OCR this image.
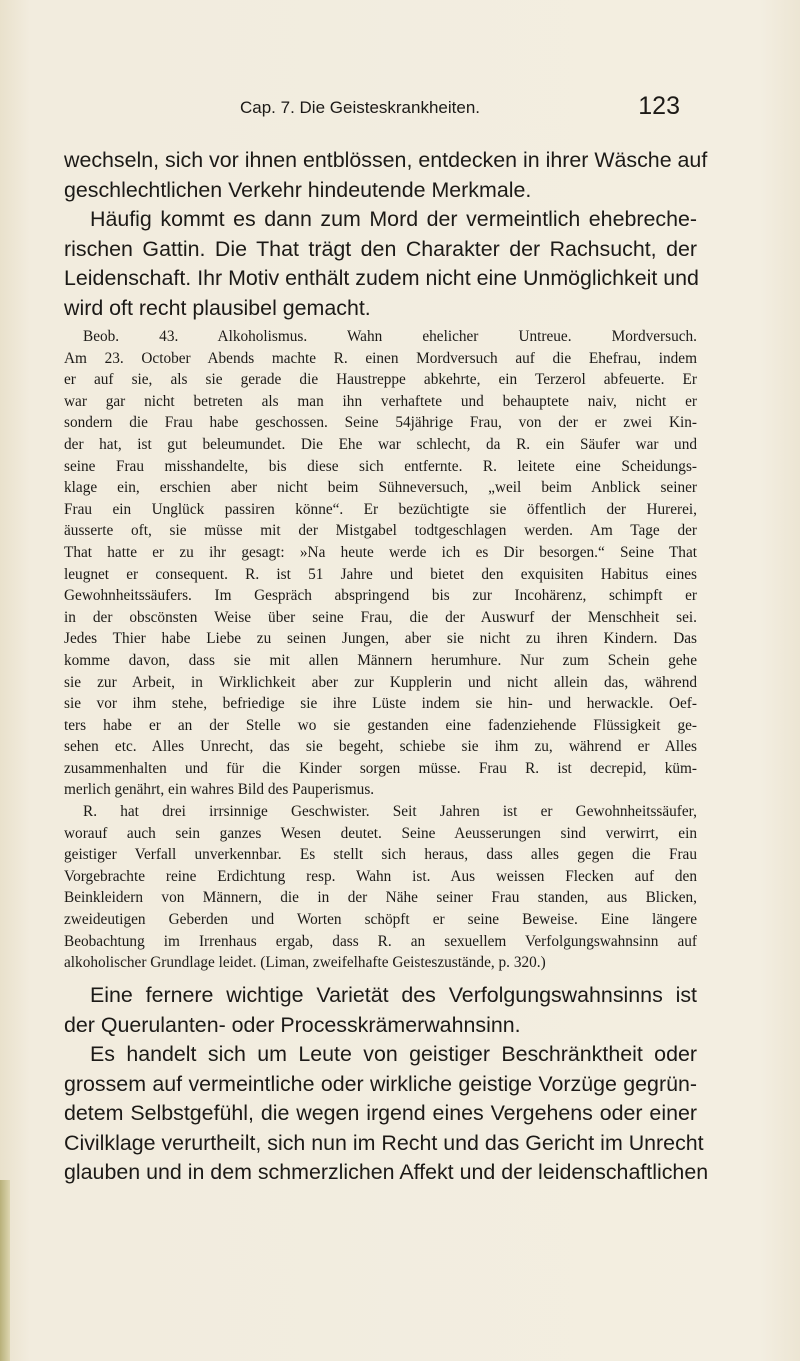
Cap. 7. Die Geisteskrankheiten.	123
wechseln, sich vor ihnen entblössen, entdecken in ihrer Wäsche auf
geschlechtlichen Verkehr hindeutende Merkmale.
Häufig kommt es dann zum Mord der vermeintlich ehebreche-
rischen Gattin. Die That trägt den Charakter der Rachsucht, der
Leidenschaft. Ihr Motiv enthält zudem nicht eine Unmöglichkeit und
wird oft recht plausibel gemacht.
Beob. 43. Alkoholismus. Wahn ehelicher Untreue. Mordversuch.
Am 23. October Abends machte R. einen Mordversuch auf die Ehefrau, indem
er auf sie, als sie gerade die Haustreppe abkehrte, ein Terzerol abfeuerte. Er
war gar nicht betreten als man ihn verhaftete und behauptete naiv, nicht er
sondern die Frau habe geschossen. Seine 54jährige Frau, von der er zwei Kin-
der hat, ist gut beleumundet. Die Ehe war schlecht, da R. ein Säufer war und
seine Frau misshandelte, bis diese sich entfernte. R. leitete eine Scheidungs-
klage ein, erschien aber nicht beim Sühneversuch, „weil beim Anblick seiner
Frau ein Unglück passiren könne“. Er bezüchtigte sie öffentlich der Hurerei,
äusserte oft, sie müsse mit der Mistgabel todtgeschlagen werden. Am Tage der
That hatte er zu ihr gesagt: »Na heute werde ich es Dir besorgen.“ Seine That
leugnet er consequent. R. ist 51 Jahre und bietet den exquisiten Habitus eines
Gewohnheitssäufers. Im Gespräch abspringend bis zur Incohärenz, schimpft er
in der obscönsten Weise über seine Frau, die der Auswurf der Menschheit sei.
Jedes Thier habe Liebe zu seinen Jungen, aber sie nicht zu ihren Kindern. Das
komme davon, dass sie mit allen Männern herumhure. Nur zum Schein gehe
sie zur Arbeit, in Wirklichkeit aber zur Kupplerin und nicht allein das, während
sie vor ihm stehe, befriedige sie ihre Lüste indem sie hin- und herwackle. Oef-
ters habe er an der Stelle wo sie gestanden eine fadenziehende Flüssigkeit ge-
sehen etc. Alles Unrecht, das sie begeht, schiebe sie ihm zu, während er Alles
zusammenhalten und für die Kinder sorgen müsse. Frau R. ist decrepid, küm-
merlich genährt, ein wahres Bild des Pauperismus.
R. hat drei irrsinnige Geschwister. Seit Jahren ist er Gewohnheitssäufer,
worauf auch sein ganzes Wesen deutet. Seine Aeusserungen sind verwirrt, ein
geistiger Verfall unverkennbar. Es stellt sich heraus, dass alles gegen die Frau
Vorgebrachte reine Erdichtung resp. Wahn ist. Aus weissen Flecken auf den
Beinkleidern von Männern, die in der Nähe seiner Frau standen, aus Blicken,
zweideutigen Geberden und Worten schöpft er seine Beweise. Eine längere
Beobachtung im Irrenhaus ergab, dass R. an sexuellem Verfolgungswahnsinn auf
alkoholischer Grundlage leidet. (Liman, zweifelhafte Geisteszustände, p. 320.)
Eine fernere wichtige Varietät des Verfolgungswahnsinns ist
der Querulanten- oder Processkrämerwahnsinn.
Es handelt sich um Leute von geistiger Beschränktheit oder
grossem auf vermeintliche oder wirkliche geistige Vorzüge gegrün-
detem Selbstgefühl, die wegen irgend eines Vergehens oder einer
Civilklage verurtheilt, sich nun im Recht und das Gericht im Unrecht
glauben und in dem schmerzlichen Affekt und der leidenschaftlichen
